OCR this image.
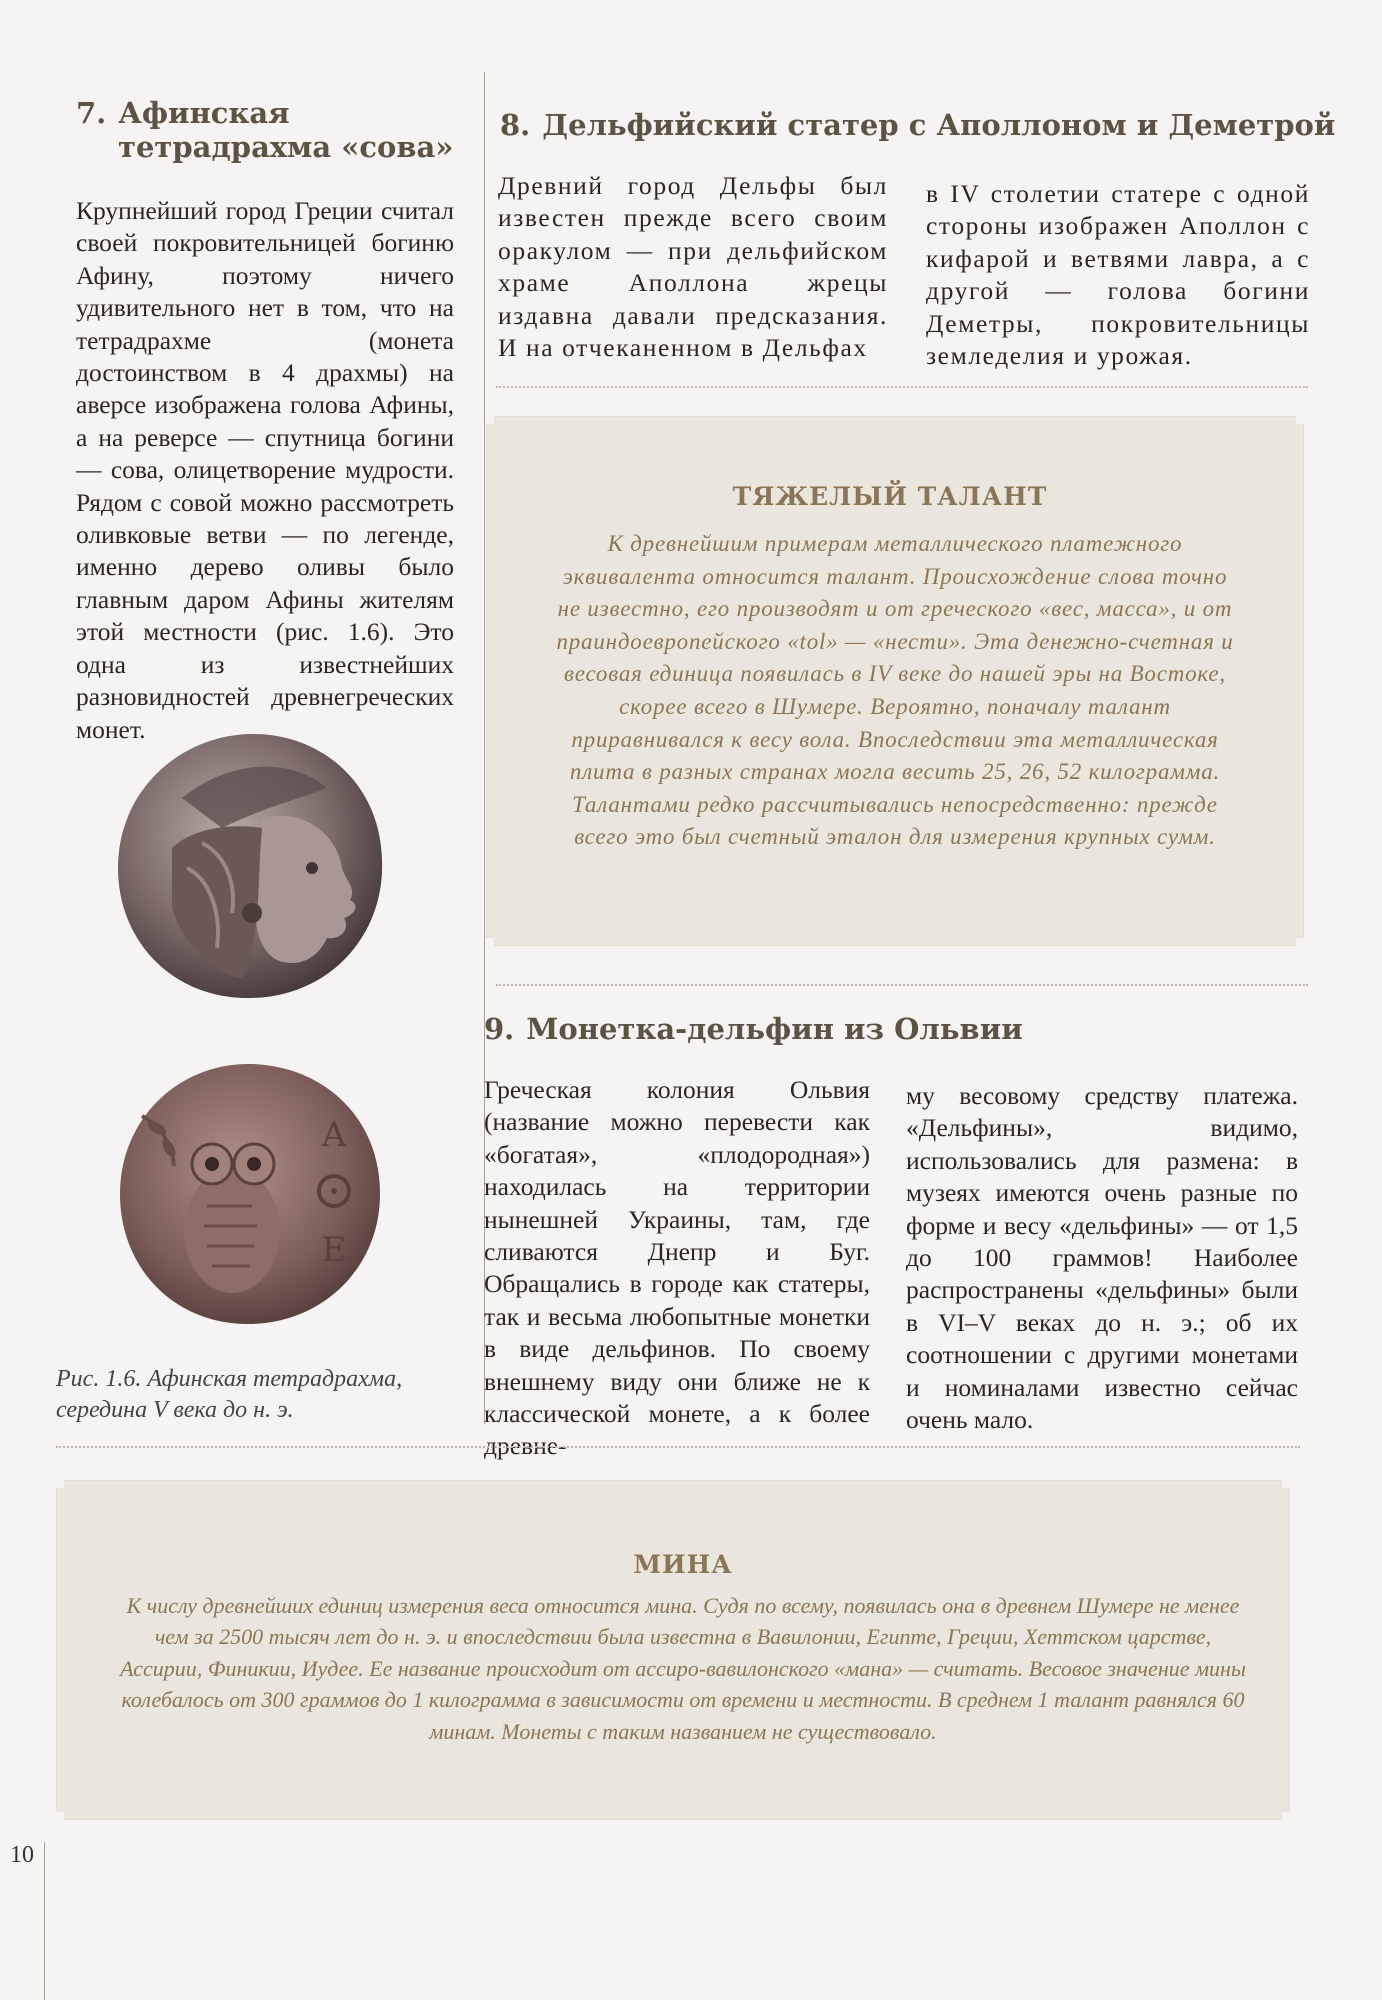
7. Афинская
тетрадрахма «сова»

Крупнейший город Греции считал своей покровительницей богиню Афину, поэтому ничего удивительного нет в том, что на тетрадрахме (монета достоинством в 4 драхмы) на аверсе изображена голова Афины, а на реверсе — спутница богини — сова, олицетворение мудрости. Рядом с совой можно рассмотреть оливковые ветви — по легенде, именно дерево оливы было главным даром Афины жителям этой местности (рис. 1.6). Это одна из известнейших разновидностей древнегреческих монет.

Α
Ε

Рис. 1.6. Афинская тетрадрахма,

середина V века до н. э.

8. Дельфийский статер с Аполлоном и Деметрой

Древний город Дельфы был известен прежде всего своим оракулом — при дельфийском храме Аполлона жрецы издавна давали предсказания. И на отчеканенном в Дельфах

в IV столетии статере с одной стороны изображен Аполлон с кифарой и ветвями лавра, а с другой — голова богини Деметры, покровительницы земледелия и урожая.

ТЯЖЕЛЫЙ ТАЛАНТ

К древнейшим примерам металлического платежного эквивалента относится талант. Происхождение слова точно не известно, его производят и от греческого «вес, масса», и от праиндоевропейского «tol» — «нести». Эта денежно-счетная и весовая единица появилась в IV веке до нашей эры на Востоке, скорее всего в Шумере. Вероятно, поначалу талант приравнивался к весу вола. Впоследствии эта металлическая плита в разных странах могла весить 25, 26, 52 килограмма. Талантами редко рассчитывались непосредственно: прежде всего это был счетный эталон для измерения крупных сумм.

9. Монетка-дельфин из Ольвии

Греческая колония Ольвия (название можно перевести как «богатая», «плодородная») находилась на территории нынешней Украины, там, где сливаются Днепр и Буг. Обращались в городе как статеры, так и весьма любопытные монетки в виде дельфинов. По своему внешнему виду они ближе не к классической монете, а к более древне-

му весовому средству платежа. «Дельфины», видимо, использовались для размена: в музеях имеются очень разные по форме и весу «дельфины» — от 1,5 до 100 граммов! Наиболее распространены «дельфины» были в VI–V веках до н. э.; об их соотношении с другими монетами и номиналами известно сейчас очень мало.

МИНА

К числу древнейших единиц измерения веса относится мина. Судя по всему, появилась она в древнем Шумере не менее чем за 2500 тысяч лет до н. э. и впоследствии была известна в Вавилонии, Египте, Греции, Хеттском царстве, Ассирии, Финикии, Иудее. Ее название происходит от ассиро-вавилонского «мана» — считать. Весовое значение мины колебалось от 300 граммов до 1 килограмма в зависимости от времени и местности. В среднем 1 талант равнялся 60 минам. Монеты с таким названием не существовало.

10
